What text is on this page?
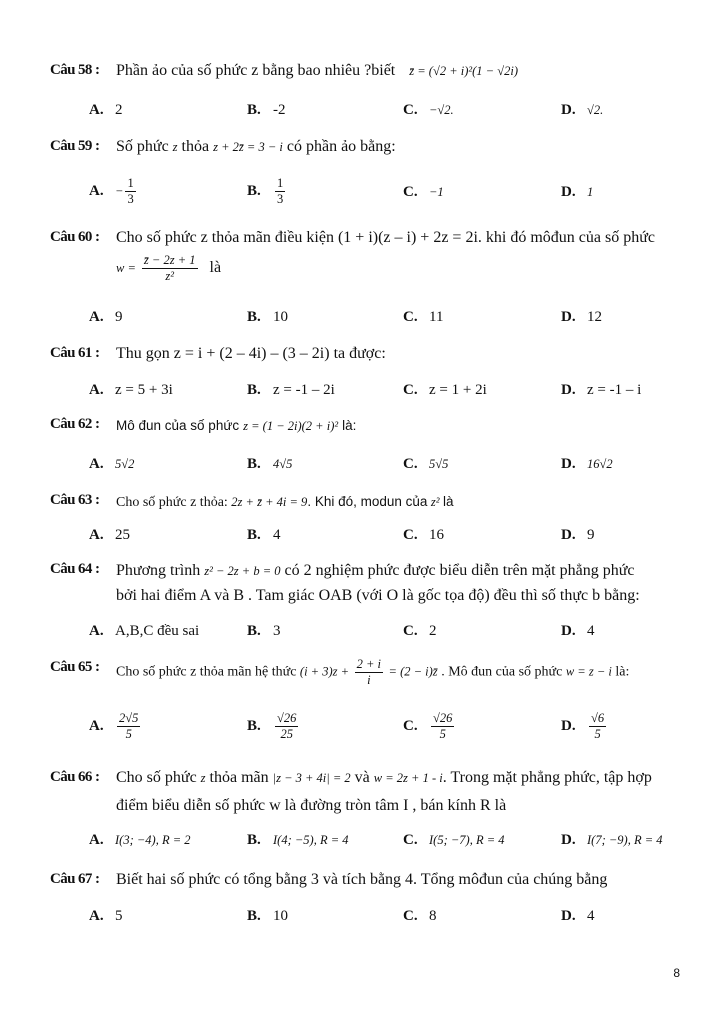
Câu 58 : Phần ảo của số phức z bằng bao nhiêu ?biết z̄ = (√2 + i)²(1 − √2i)
A. 2	B. -2	C. −√2.	D. √2.
Câu 59 : Số phức z thỏa z + 2z̄ = 3 − i có phần ảo bằng:
A. − $\frac{1}{3}$	B. $\frac{1}{3}$	C. −1	D. 1
Câu 60 : Cho số phức z thỏa mãn điều kiện (1 + i)(z – i) + 2z = 2i. khi đó môđun của số phức
$w = \frac{z̄ - 2z + 1}{\text{z²}}$ là
A. 9	B. 10	C. 11	D. 12
Câu 61 : Thu gọn z = i + (2 – 4i) – (3 – 2i) ta được:
A. z = 5 + 3i	B. z = -1 – 2i	C. z = 1 + 2i	D. z = -1 – i
Câu 62 : Mô đun của số phức z = (1 − 2i)(2 + i)² là:
A. 5√2	B. 4√5	C. 5√5	D. 16√2
Câu 63 : Cho số phức z thỏa: 2z + z̄ + 4i = 9. Khi đó, modun của z² là
A. 25	B. 4	C. 16	D. 9
Câu 64 : Phương trình z² − 2z + b = 0 có 2 nghiệm phức được biểu diễn trên mặt phẳng phức
bởi hai điểm A và B . Tam giác OAB (với O là gốc tọa độ) đều thì số thực b bằng:
A. A,B,C đều sai	B. 3	C. 2	D. 4
Câu 65 : Cho số phức z thỏa mãn hệ thức $(i + 3)z + \frac{2 + i}{i} = (2$ − i)z̄ . Mô đun của số phức w = z − i là:
A. $\frac{2√5}{5}$	B. $\frac{√26}{25}$	C. $\frac{√26}{5}$	D. $\frac{√6}{5}$
Câu 66 : Cho số phức z thỏa mãn |z − 3 + 4i| = 2 và w = 2z + 1 - i. Trong mặt phẳng phức, tập hợp
điểm biểu diễn số phức w là đường tròn tâm I , bán kính R là
A. I(3; −4), R = 2	B. I(4; −5), R = 4	C. I(5; −7), R = 4	D. I(7; −9), R = 4
Câu 67 : Biết hai số phức có tổng bằng 3 và tích bằng 4. Tổng môđun của chúng bằng
A. 5	B. 10	C. 8	D. 4
8
